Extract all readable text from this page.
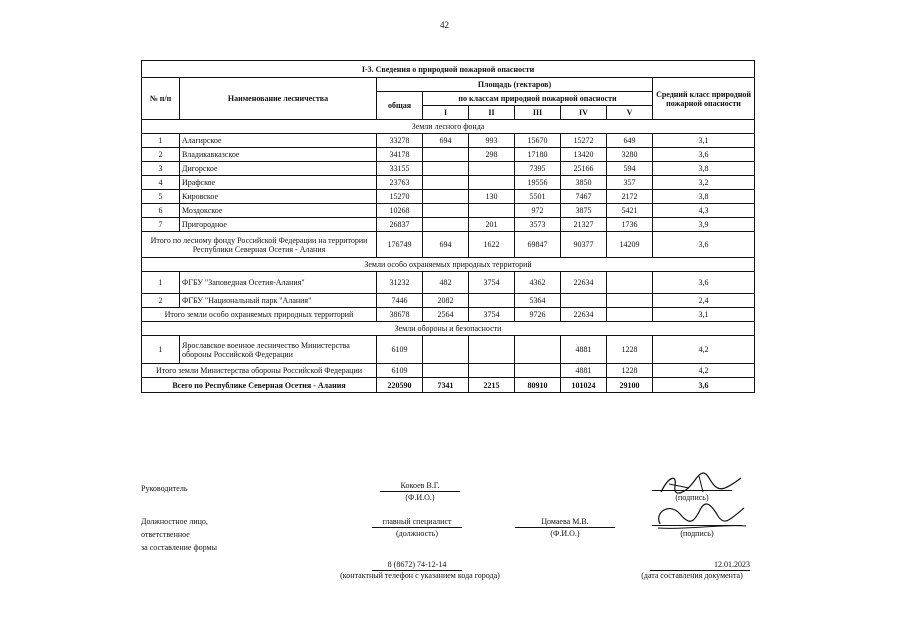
42
I-3. Сведения о природной пожарной опасности								
№ п/п	Наименование лесничества	Площадь (гектаров)						Средний класс природной пожарной опасности
		общая	по классам природной пожарной опасности					
			I	II	III	IV	V	
Земли лесного фонда								
1	Алагирское	33278	694	993	15670	15272	649	3,1
2	Владикавказское	34178		298	17180	13420	3280	3,6
3	Дигорское	33155			7395	25166	594	3,8
4	Ирафское	23763			19556	3850	357	3,2
5	Кировское	15270		130	5501	7467	2172	3,8
6	Моздокское	10268			972	3875	5421	4,3
7	Пригородное	26837		201	3573	21327	1736	3,9
Итого по лесному фонду Российской Федерации на территории Республики Северная Осетия - Алания		176749	694	1622	69847	90377	14209	3,6
Земли особо охраняемых природных территорий								
1	ФГБУ "Заповедная Осетия-Алания"	31232	482	3754	4362	22634		3,6
2	ФГБУ "Национальный парк "Алания"	7446	2082		5364			2,4
Итого земли особо охраняемых природных территорий		38678	2564	3754	9726	22634		3,1
Земли обороны и безопасности								
1	Ярославское военное лесничество Министерства обороны Российской Федерации	6109				4881	1228	4,2
Итого земли Министерства обороны Российской Федерации		6109				4881	1228	4,2
Всего по Республике Северная Осетия - Алания		220590	7341	2215	80910	101024	29100	3,6
Руководитель	Кокоев В.Г.
(Ф.И.О.)	(подпись)
Должностное лицо,
ответственное
за составление формы
главный специалист
(должность)
Цомаева М.В.
(Ф.И.О.)	(подпись)
8 (8672) 74-12-14
(контактный телефон с указанием кода города)
12.01.2023
(дата составления документа)
